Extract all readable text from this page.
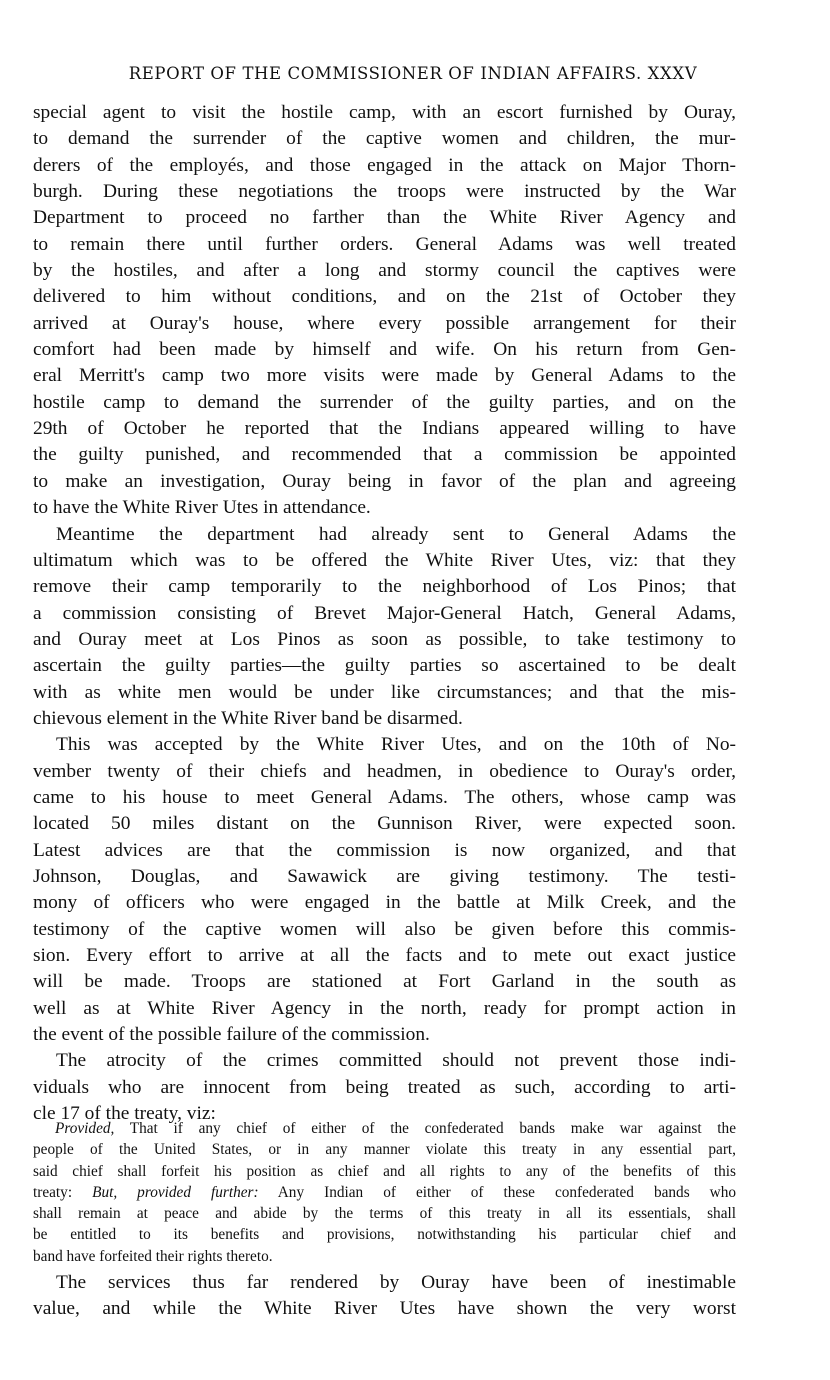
REPORT OF THE COMMISSIONER OF INDIAN AFFAIRS. XXXV
special agent to visit the hostile camp, with an escort furnished by Ouray,
to demand the surrender of the captive women and children, the mur-
derers of the employés, and those engaged in the attack on Major Thorn-
burgh. During these negotiations the troops were instructed by the War
Department to proceed no farther than the White River Agency and
to remain there until further orders. General Adams was well treated
by the hostiles, and after a long and stormy council the captives were
delivered to him without conditions, and on the 21st of October they
arrived at Ouray's house, where every possible arrangement for their
comfort had been made by himself and wife. On his return from Gen-
eral Merritt's camp two more visits were made by General Adams to the
hostile camp to demand the surrender of the guilty parties, and on the
29th of October he reported that the Indians appeared willing to have
the guilty punished, and recommended that a commission be appointed
to make an investigation, Ouray being in favor of the plan and agreeing
to have the White River Utes in attendance.
Meantime the department had already sent to General Adams the
ultimatum which was to be offered the White River Utes, viz: that they
remove their camp temporarily to the neighborhood of Los Pinos; that
a commission consisting of Brevet Major-General Hatch, General Adams,
and Ouray meet at Los Pinos as soon as possible, to take testimony to
ascertain the guilty parties—the guilty parties so ascertained to be dealt
with as white men would be under like circumstances; and that the mis-
chievous element in the White River band be disarmed.
This was accepted by the White River Utes, and on the 10th of No-
vember twenty of their chiefs and headmen, in obedience to Ouray's order,
came to his house to meet General Adams. The others, whose camp was
located 50 miles distant on the Gunnison River, were expected soon.
Latest advices are that the commission is now organized, and that
Johnson, Douglas, and Sawawick are giving testimony. The testi-
mony of officers who were engaged in the battle at Milk Creek, and the
testimony of the captive women will also be given before this commis-
sion. Every effort to arrive at all the facts and to mete out exact justice
will be made. Troops are stationed at Fort Garland in the south as
well as at White River Agency in the north, ready for prompt action in
the event of the possible failure of the commission.
The atrocity of the crimes committed should not prevent those indi-
viduals who are innocent from being treated as such, according to arti-
cle 17 of the treaty, viz:
Provided, That if any chief of either of the confederated bands make war against the
people of the United States, or in any manner violate this treaty in any essential part,
said chief shall forfeit his position as chief and all rights to any of the benefits of this
treaty: But, provided further: Any Indian of either of these confederated bands who
shall remain at peace and abide by the terms of this treaty in all its essentials, shall
be entitled to its benefits and provisions, notwithstanding his particular chief and
band have forfeited their rights thereto.
The services thus far rendered by Ouray have been of inestimable
value, and while the White River Utes have shown the very worst
